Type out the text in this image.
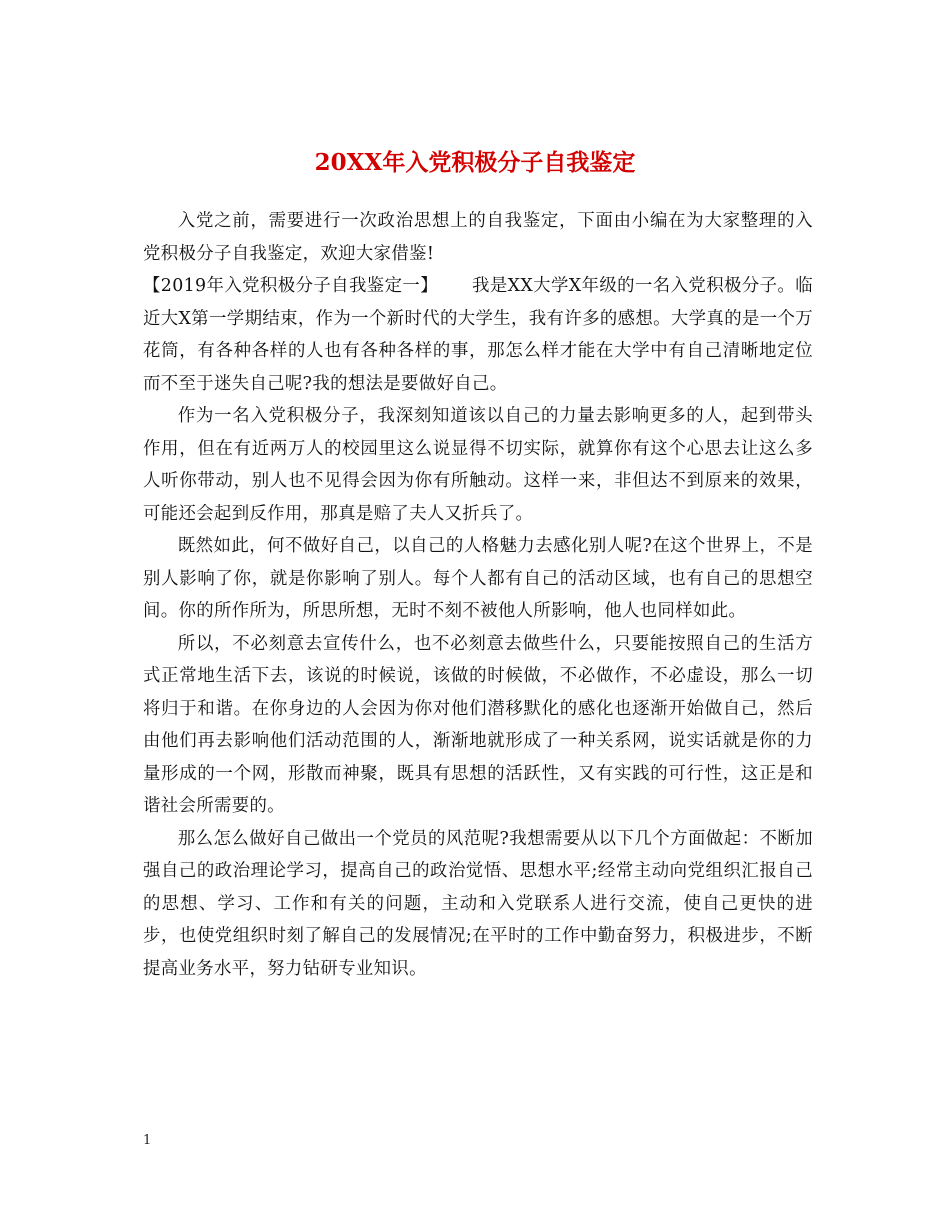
20XX年入党积极分子自我鉴定

入党之前，需要进行一次政治思想上的自我鉴定，下面由小编在为大家整理的入党积极分子自我鉴定，欢迎大家借鉴!

【2019年入党积极分子自我鉴定一】 我是XX大学X年级的一名入党积极分子。临近大X第一学期结束，作为一个新时代的大学生，我有许多的感想。大学真的是一个万花筒，有各种各样的人也有各种各样的事，那怎么样才能在大学中有自己清晰地定位而不至于迷失自己呢?我的想法是要做好自己。

作为一名入党积极分子，我深刻知道该以自己的力量去影响更多的人，起到带头作用，但在有近两万人的校园里这么说显得不切实际，就算你有这个心思去让这么多人听你带动，别人也不见得会因为你有所触动。这样一来，非但达不到原来的效果，可能还会起到反作用，那真是赔了夫人又折兵了。

既然如此，何不做好自己，以自己的人格魅力去感化别人呢?在这个世界上，不是别人影响了你，就是你影响了别人。每个人都有自己的活动区域，也有自己的思想空间。你的所作所为，所思所想，无时不刻不被他人所影响，他人也同样如此。

所以，不必刻意去宣传什么，也不必刻意去做些什么，只要能按照自己的生活方式正常地生活下去，该说的时候说，该做的时候做，不必做作，不必虚设，那么一切将归于和谐。在你身边的人会因为你对他们潜移默化的感化也逐渐开始做自己，然后由他们再去影响他们活动范围的人，渐渐地就形成了一种关系网，说实话就是你的力量形成的一个网，形散而神聚，既具有思想的活跃性，又有实践的可行性，这正是和谐社会所需要的。

那么怎么做好自己做出一个党员的风范呢?我想需要从以下几个方面做起：不断加强自己的政治理论学习，提高自己的政治觉悟、思想水平;经常主动向党组织汇报自己的思想、学习、工作和有关的问题，主动和入党联系人进行交流，使自己更快的进步，也使党组织时刻了解自己的发展情况;在平时的工作中勤奋努力，积极进步，不断提高业务水平，努力钻研专业知识。

1
